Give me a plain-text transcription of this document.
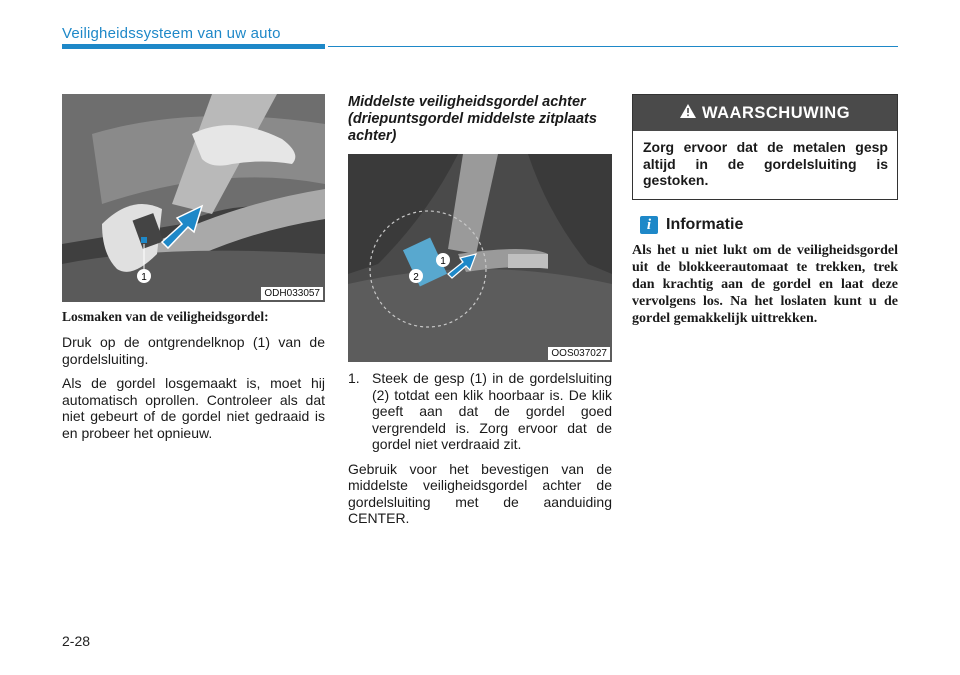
Veiligheidssysteem van uw auto
1
ODH033057
Losmaken van de veiligheidsgordel:

Druk op de ontgrendelknop (1) van de gordelsluiting.

Als de gordel losgemaakt is, moet hij automatisch oprollen. Controleer als dat niet gebeurt of de gordel niet gedraaid is en probeer het opnieuw.

Middelste veiligheidsgordel achter (driepuntsgordel middelste zitplaats achter)
1
2
OOS037027
1. Steek de gesp (1) in de gordelsluiting (2) totdat een klik hoorbaar is. De klik geeft aan dat de gordel goed vergrendeld is. Zorg ervoor dat de gordel niet verdraaid zit.

Gebruik voor het bevestigen van de middelste veiligheidsgordel achter de gordelsluiting met de aanduiding CENTER.

WAARSCHUWING
Zorg ervoor dat de metalen gesp altijd in de gordelsluiting is gestoken.
i Informatie
Als het u niet lukt om de veiligheidsgordel uit de blokkeerautomaat te trekken, trek dan krachtig aan de gordel en laat deze vervolgens los. Na het loslaten kunt u de gordel gemakkelijk uittrekken.
2-28
